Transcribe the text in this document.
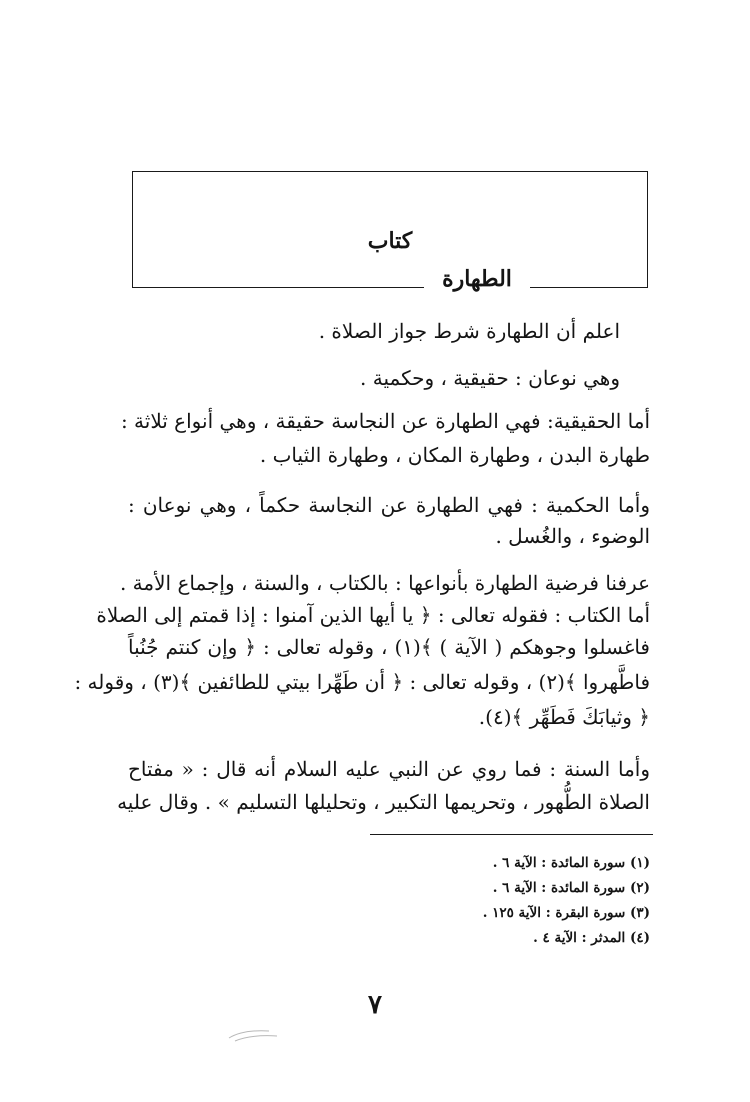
كتاب
الطهارة
اعلم أن الطهارة شرط جواز الصلاة .
وهي نوعان : حقيقية ، وحكمية .
أما الحقيقية: فهي الطهارة عن النجاسة حقيقة ، وهي أنواع ثلاثة :
طهارة البدن ، وطهارة المكان ، وطهارة الثياب .
وأما الحكمية : فهي الطهارة عن النجاسة حكماً ، وهي نوعان :
الوضوء ، والغُسل .
عرفنا فرضية الطهارة بأنواعها : بالكتاب ، والسنة ، وإجماع الأمة .
أما الكتاب : فقوله تعالى : ﴿ يا أيها الذين آمنوا : إذا قمتم إلى الصلاة
فاغسلوا وجوهكم ( الآية ) ﴾(١) ، وقوله تعالى : ﴿ وإن كنتم جُنُباً
فاطَّهروا ﴾(٢) ، وقوله تعالى : ﴿ أن طَهِّرا بيتي للطائفين ﴾(٣) ، وقوله :
﴿ وثيابَكَ فَطَهِّر ﴾(٤).
وأما السنة : فما روي عن النبي عليه السلام أنه قال : « مفتاح
الصلاة الطُّهور ، وتحريمها التكبير ، وتحليلها التسليم » . وقال عليه
(١) سورة المائدة : الآية ٦ .
(٢) سورة المائدة : الآية ٦ .
(٣) سورة البقرة : الآية ١٢٥ .
(٤) المدثر : الآية ٤ .
٧
